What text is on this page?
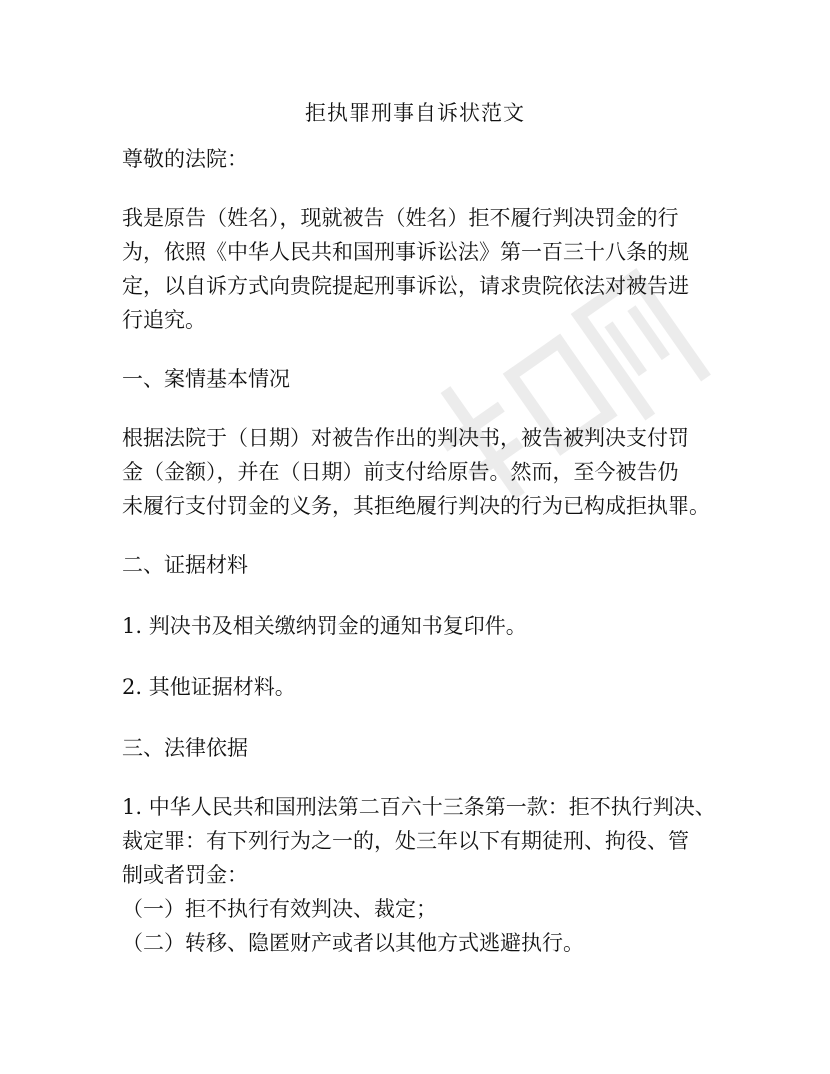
拒执罪刑事自诉状范文
尊敬的法院：
我是原告（姓名），现就被告（姓名）拒不履行判决罚金的行
为，依照《中华人民共和国刑事诉讼法》第一百三十八条的规
定，以自诉方式向贵院提起刑事诉讼，请求贵院依法对被告进
行追究。
一、案情基本情况
根据法院于（日期）对被告作出的判决书，被告被判决支付罚
金（金额），并在（日期）前支付给原告。然而，至今被告仍
未履行支付罚金的义务，其拒绝履行判决的行为已构成拒执罪。
二、证据材料
1. 判决书及相关缴纳罚金的通知书复印件。
2. 其他证据材料。
三、法律依据
1. 中华人民共和国刑法第二百六十三条第一款：拒不执行判决、
裁定罪：有下列行为之一的，处三年以下有期徒刑、拘役、管
制或者罚金：
（一）拒不执行有效判决、裁定；
（二）转移、隐匿财产或者以其他方式逃避执行。
